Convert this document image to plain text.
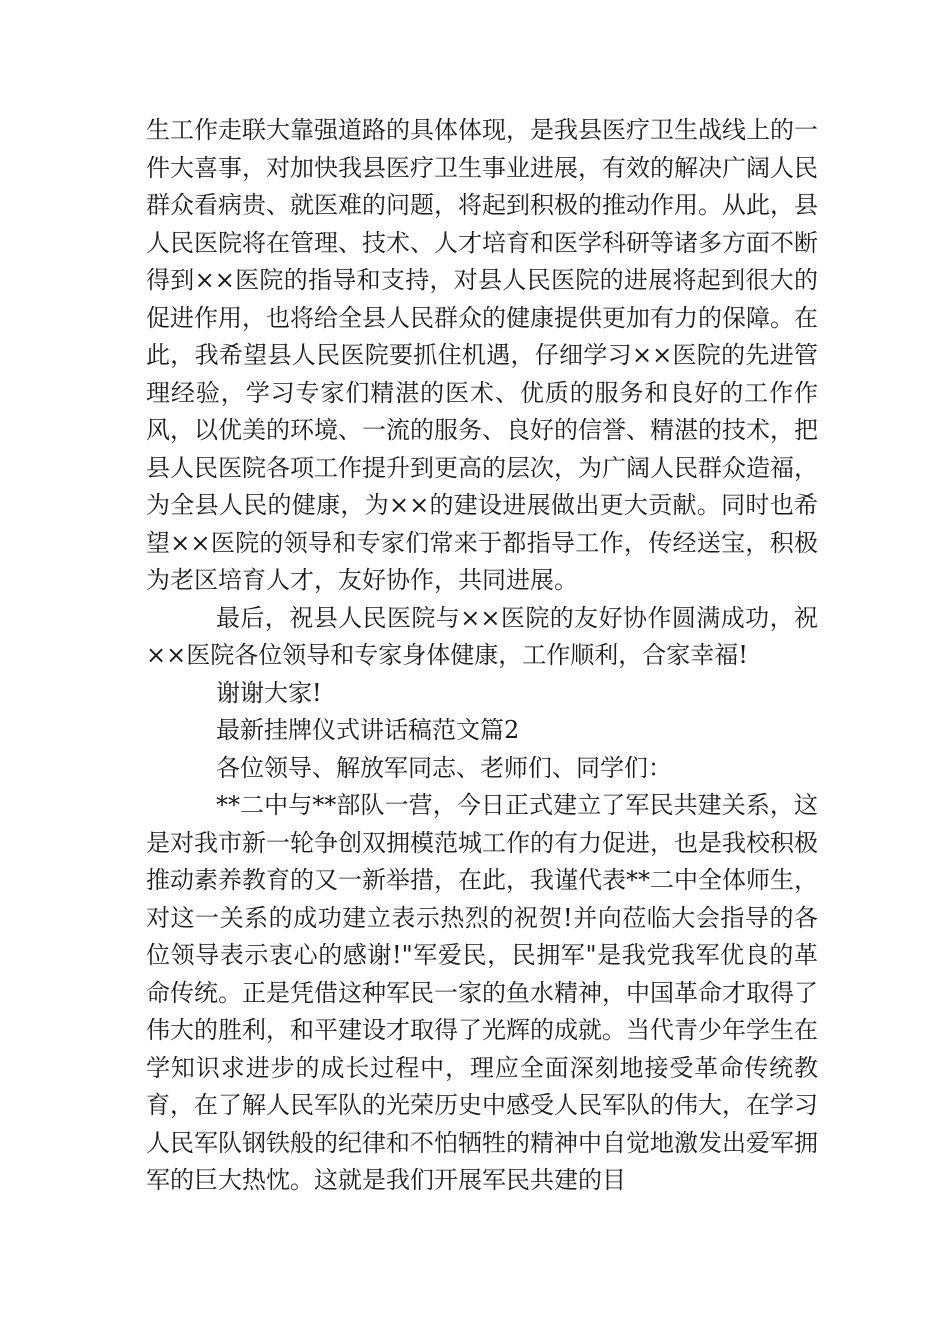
生工作走联大靠强道路的具体体现，是我县医疗卫生战线上的一件大喜事，对加快我县医疗卫生事业进展，有效的解决广阔人民群众看病贵、就医难的问题，将起到积极的推动作用。从此，县人民医院将在管理、技术、人才培育和医学科研等诸多方面不断得到××医院的指导和支持，对县人民医院的进展将起到很大的促进作用，也将给全县人民群众的健康提供更加有力的保障。在此，我希望县人民医院要抓住机遇，仔细学习××医院的先进管理经验，学习专家们精湛的医术、优质的服务和良好的工作作风，以优美的环境、一流的服务、良好的信誉、精湛的技术，把县人民医院各项工作提升到更高的层次，为广阔人民群众造福，为全县人民的健康，为××的建设进展做出更大贡献。同时也希望××医院的领导和专家们常来于都指导工作，传经送宝，积极为老区培育人才，友好协作，共同进展。

最后，祝县人民医院与××医院的友好协作圆满成功，祝××医院各位领导和专家身体健康，工作顺利，合家幸福!

谢谢大家!

最新挂牌仪式讲话稿范文篇2

各位领导、解放军同志、老师们、同学们：

**二中与**部队一营，今日正式建立了军民共建关系，这是对我市新一轮争创双拥模范城工作的有力促进，也是我校积极推动素养教育的又一新举措，在此，我谨代表**二中全体师生，对这一关系的成功建立表示热烈的祝贺!并向莅临大会指导的各位领导表示衷心的感谢!"军爱民，民拥军"是我党我军优良的革命传统。正是凭借这种军民一家的鱼水精神，中国革命才取得了伟大的胜利，和平建设才取得了光辉的成就。当代青少年学生在学知识求进步的成长过程中，理应全面深刻地接受革命传统教育，在了解人民军队的光荣历史中感受人民军队的伟大，在学习人民军队钢铁般的纪律和不怕牺牲的精神中自觉地激发出爱军拥军的巨大热忱。这就是我们开展军民共建的目
